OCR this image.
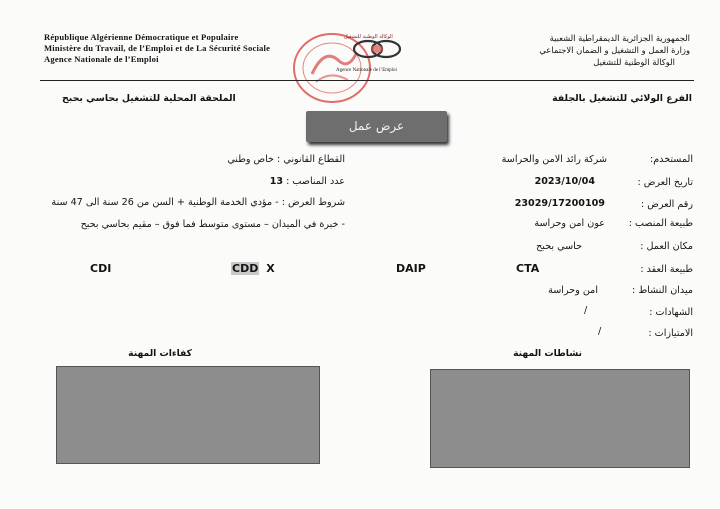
République Algérienne Démocratique et Populaire
Ministère du Travail, de l’Emploi et de La Sécurité Sociale
Agence Nationale de l’Emploi
الجمهورية الجزائرية الديمقراطية الشعبية
وزارة العمل و التشغيل و الضمان الاجتماعي
الوكالة الوطنية للتشغيل
الوكالة الوطنية للتشغيل
Agence Nationale de l’Emploi
الفرع الولائي للتشغيل بالجلفة
الملحقة المحلية للتشغيل بحاسي بحبح
عرض عمل
المستخدم:
تاريخ العرض :
رقم العرض :
طبيعة المنصب :
مكان العمل :
طبيعة العقد :
ميدان النشاط :
الشهادات :
الامتيازات :
شركة رائد الامن والحراسة
2023/10/04
23029/17200109
عون امن وحراسة
حاسي بحبح
CTA
امن وحراسة
/
/
القطاع القانوني : خاص وطني
عدد المناصب : 13
شروط العرض : - مؤدي الخدمة الوطنية + السن من 26 سنة الى 47 سنة
- خبرة في الميدان – مستوى متوسط فما فوق – مقيم بحاسي بحبح
CDI	CDD X	DAIP
نشاطات المهنة
كفاءات المهنة
